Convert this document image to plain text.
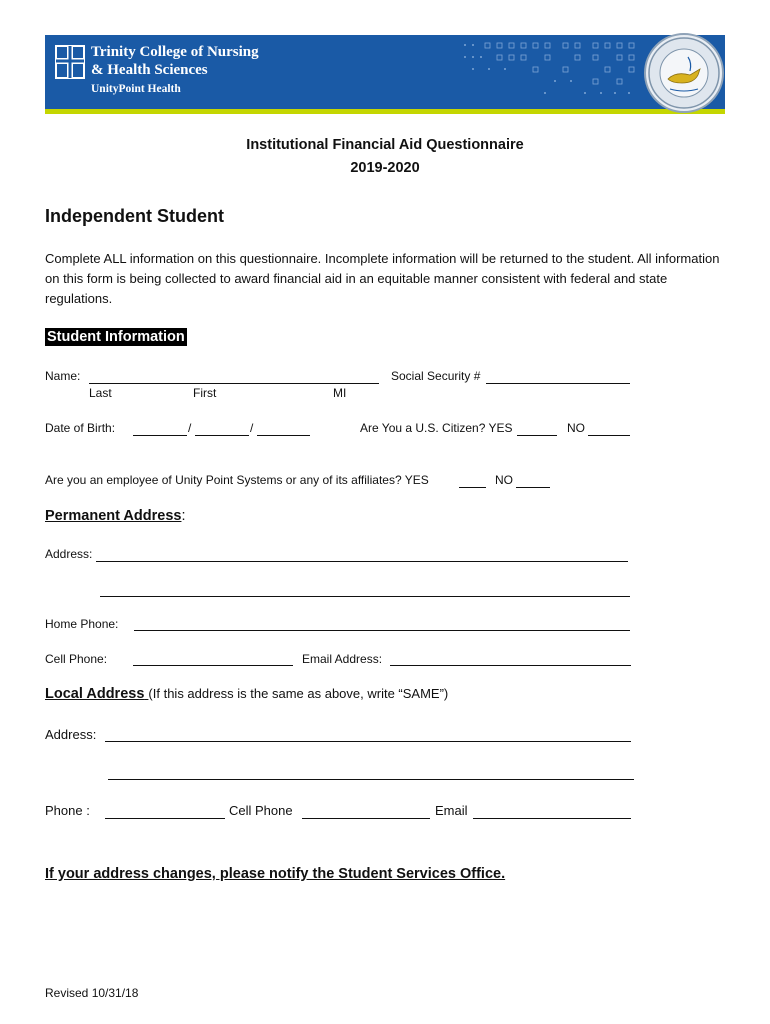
Trinity College of Nursing
& Health Sciences
UnityPoint Health
Institutional Financial Aid Questionnaire
2019-2020
Independent Student
Complete ALL information on this questionnaire. Incomplete information will be returned to the student. All information on this form is being collected to award financial aid in an equitable manner consistent with federal and state regulations.
Student Information
Name:
Last	First	MI
Social Security #
Date of Birth:	/	/	Are You a U.S. Citizen? YES	NO
Are you an employee of Unity Point Systems or any of its affiliates? YES	NO
Permanent Address:
Address:
Home Phone:
Cell Phone:	Email Address:
Local Address (If this address is the same as above, write “SAME”)
Address:
Phone :	Cell Phone	Email
If your address changes, please notify the Student Services Office.
Revised 10/31/18
